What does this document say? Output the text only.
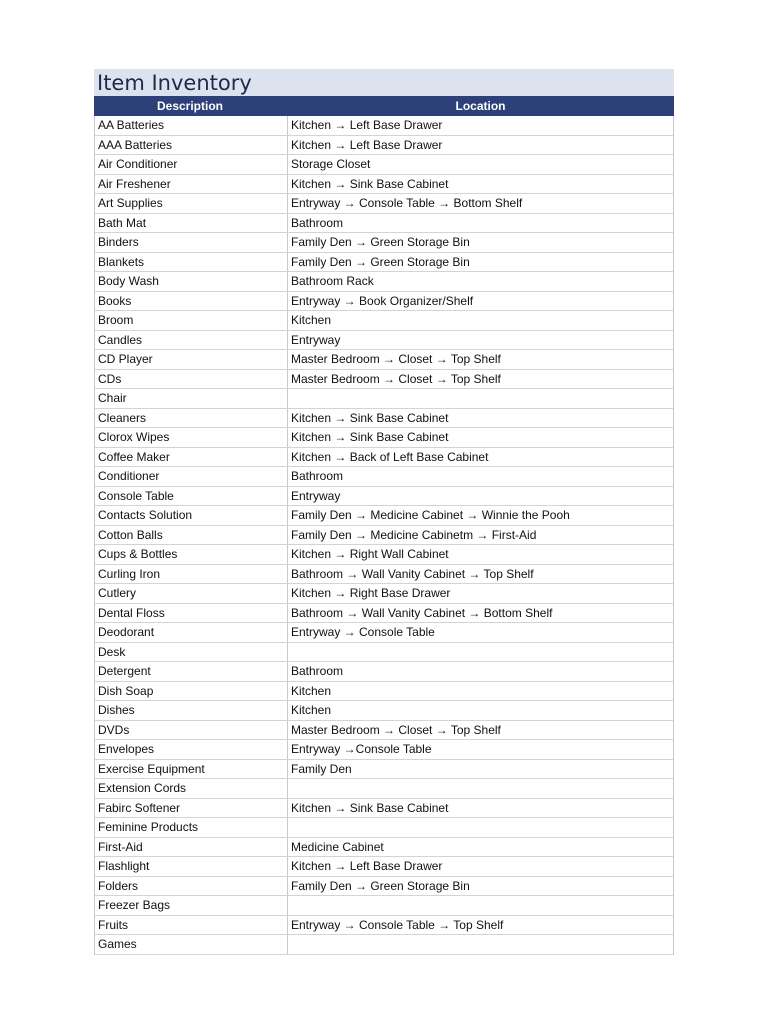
Item Inventory
Description	Location
AA Batteries	Kitchen → Left Base Drawer
AAA Batteries	Kitchen → Left Base Drawer
Air Conditioner	Storage Closet
Air Freshener	Kitchen → Sink Base Cabinet
Art Supplies	Entryway → Console Table → Bottom Shelf
Bath Mat	Bathroom
Binders	Family Den → Green Storage Bin
Blankets	Family Den → Green Storage Bin
Body Wash	Bathroom Rack
Books	Entryway → Book Organizer/Shelf
Broom	Kitchen
Candles	Entryway
CD Player	Master Bedroom → Closet → Top Shelf
CDs	Master Bedroom → Closet → Top Shelf
Chair
Cleaners	Kitchen → Sink Base Cabinet
Clorox Wipes	Kitchen → Sink Base Cabinet
Coffee Maker	Kitchen → Back of Left Base Cabinet
Conditioner	Bathroom
Console Table	Entryway
Contacts Solution	Family Den → Medicine Cabinet → Winnie the Pooh
Cotton Balls	Family Den → Medicine Cabinetm → First-Aid
Cups & Bottles	Kitchen → Right Wall Cabinet
Curling Iron	Bathroom → Wall Vanity Cabinet → Top Shelf
Cutlery	Kitchen → Right Base Drawer
Dental Floss	Bathroom → Wall Vanity Cabinet → Bottom Shelf
Deodorant	Entryway → Console Table
Desk
Detergent	Bathroom
Dish Soap	Kitchen
Dishes	Kitchen
DVDs	Master Bedroom → Closet → Top Shelf
Envelopes	Entryway →Console Table
Exercise Equipment	Family Den
Extension Cords
Fabirc Softener	Kitchen → Sink Base Cabinet
Feminine Products
First-Aid	Medicine Cabinet
Flashlight	Kitchen → Left Base Drawer
Folders	Family Den → Green Storage Bin
Freezer Bags
Fruits	Entryway → Console Table → Top Shelf
Games
